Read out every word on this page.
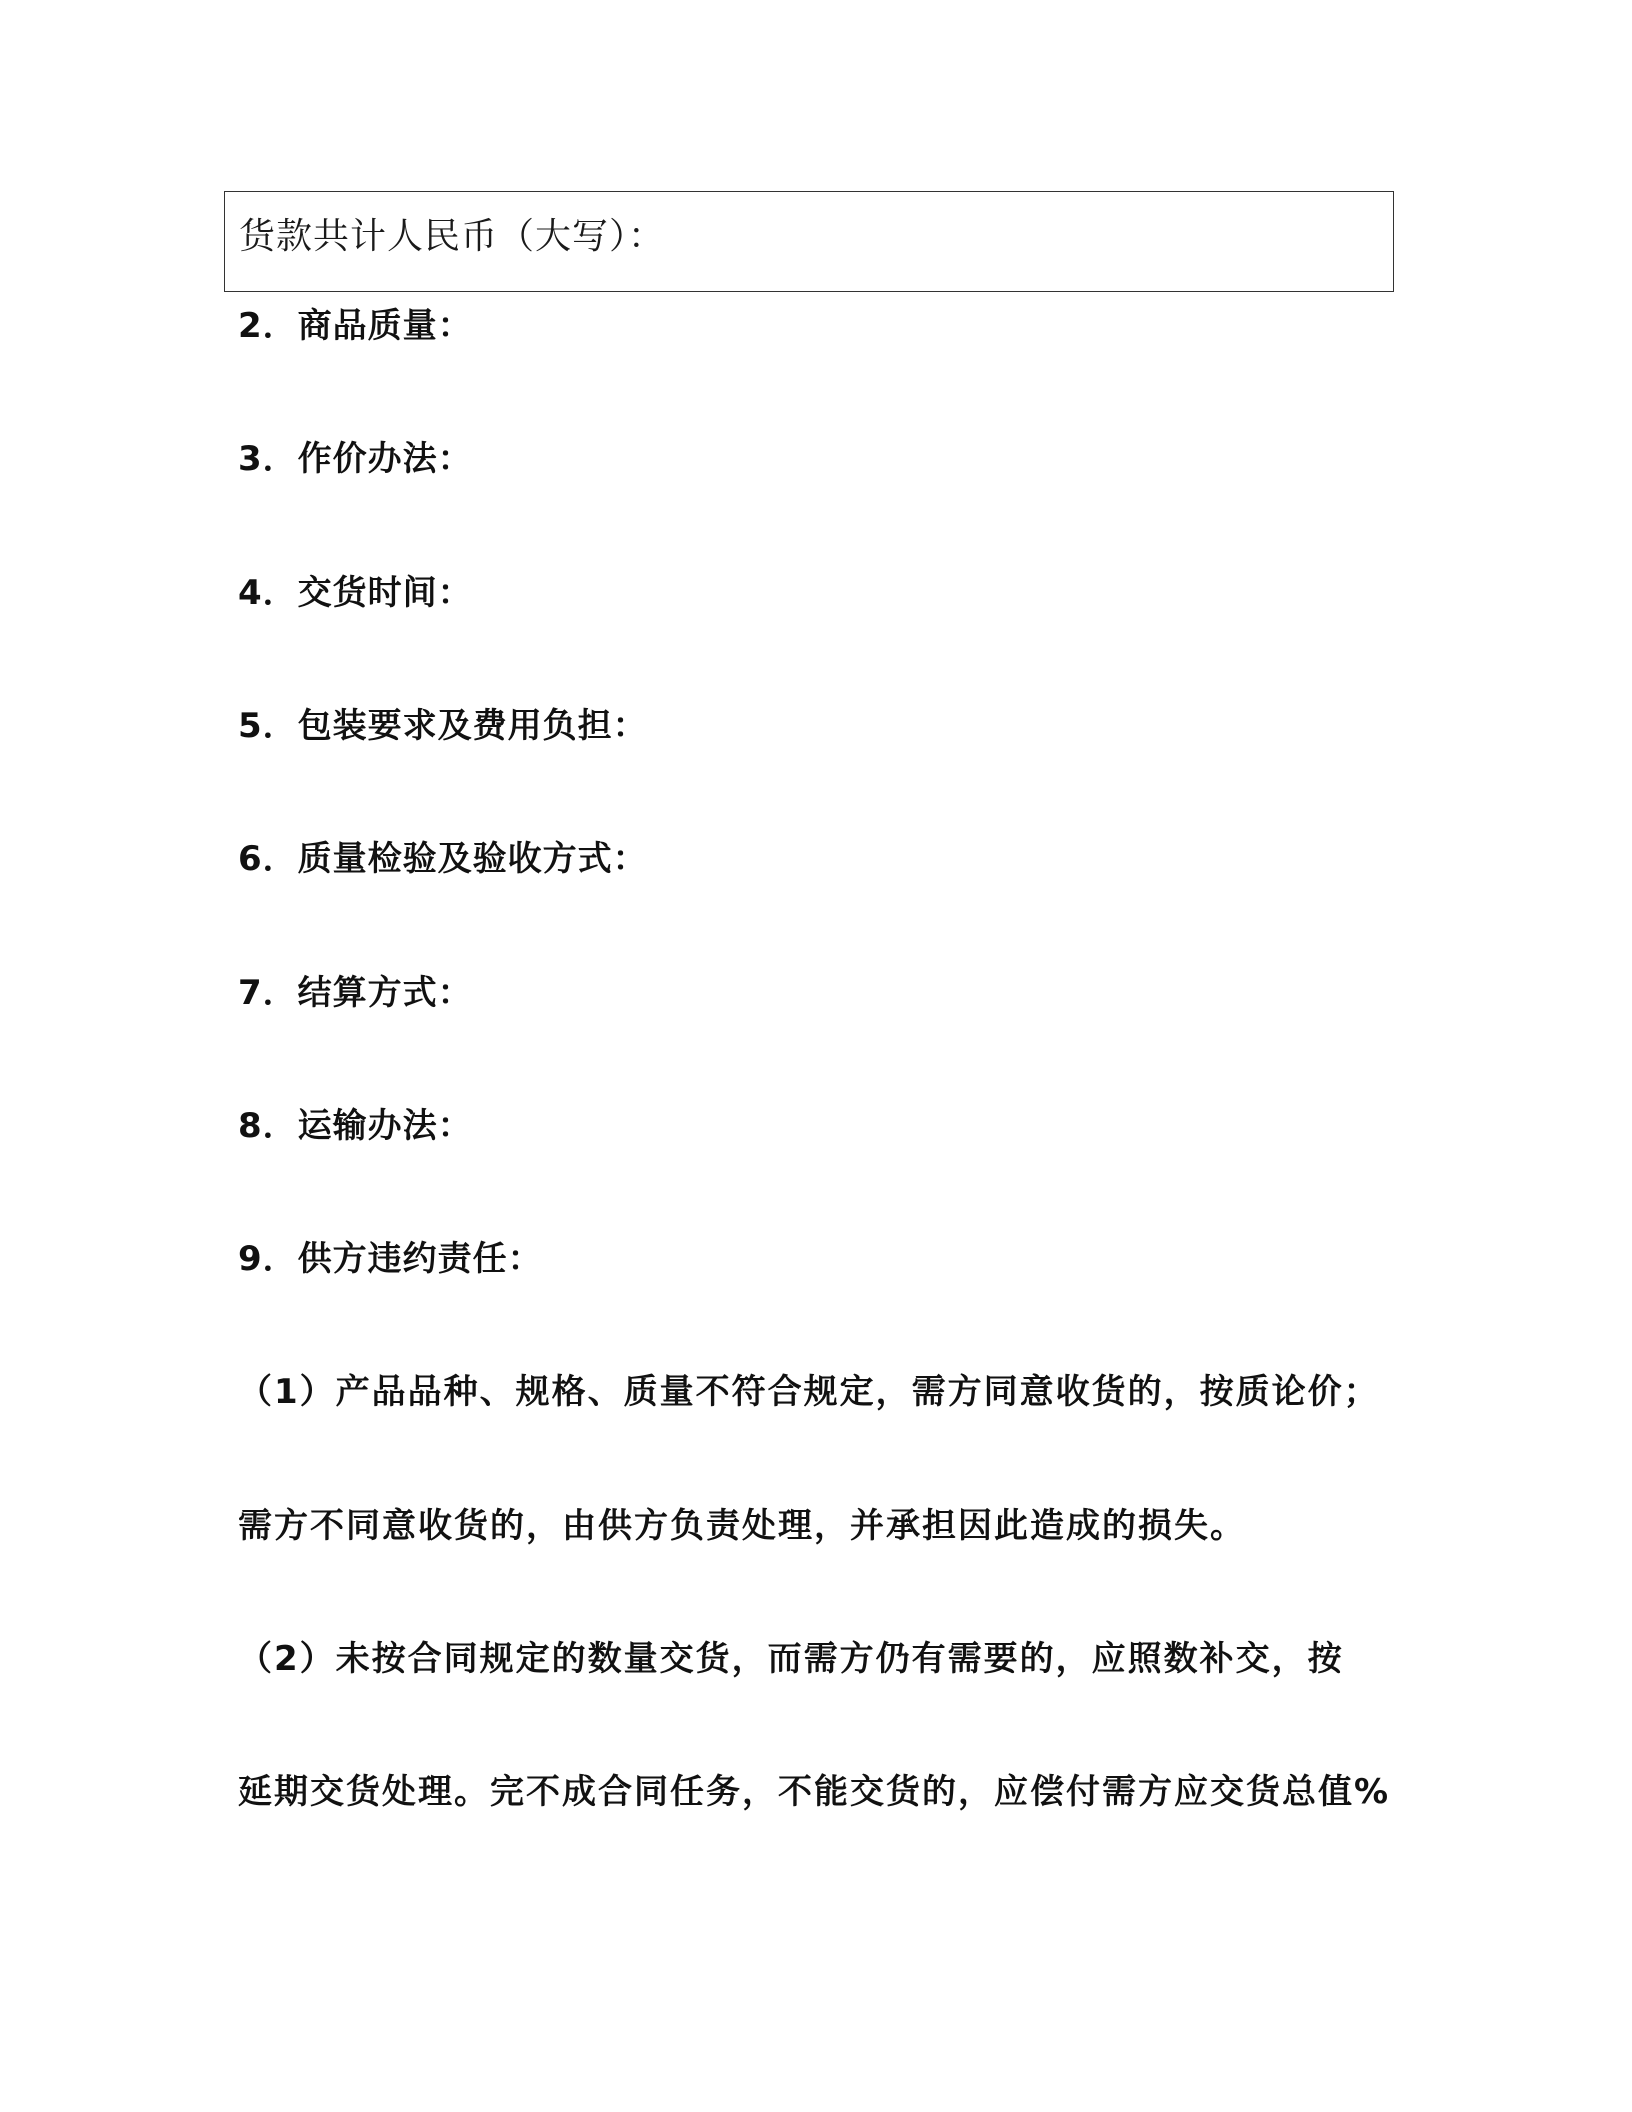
货款共计人民币（大写）：
2．商品质量：
3．作价办法：
4．交货时间：
5．包装要求及费用负担：
6．质量检验及验收方式：
7．结算方式：
8．运输办法：
9．供方违约责任：
（1）产品品种、规格、质量不符合规定，需方同意收货的，按质论价；
需方不同意收货的，由供方负责处理，并承担因此造成的损失。
（2）未按合同规定的数量交货，而需方仍有需要的，应照数补交，按
延期交货处理。完不成合同任务，不能交货的，应偿付需方应交货总值%
